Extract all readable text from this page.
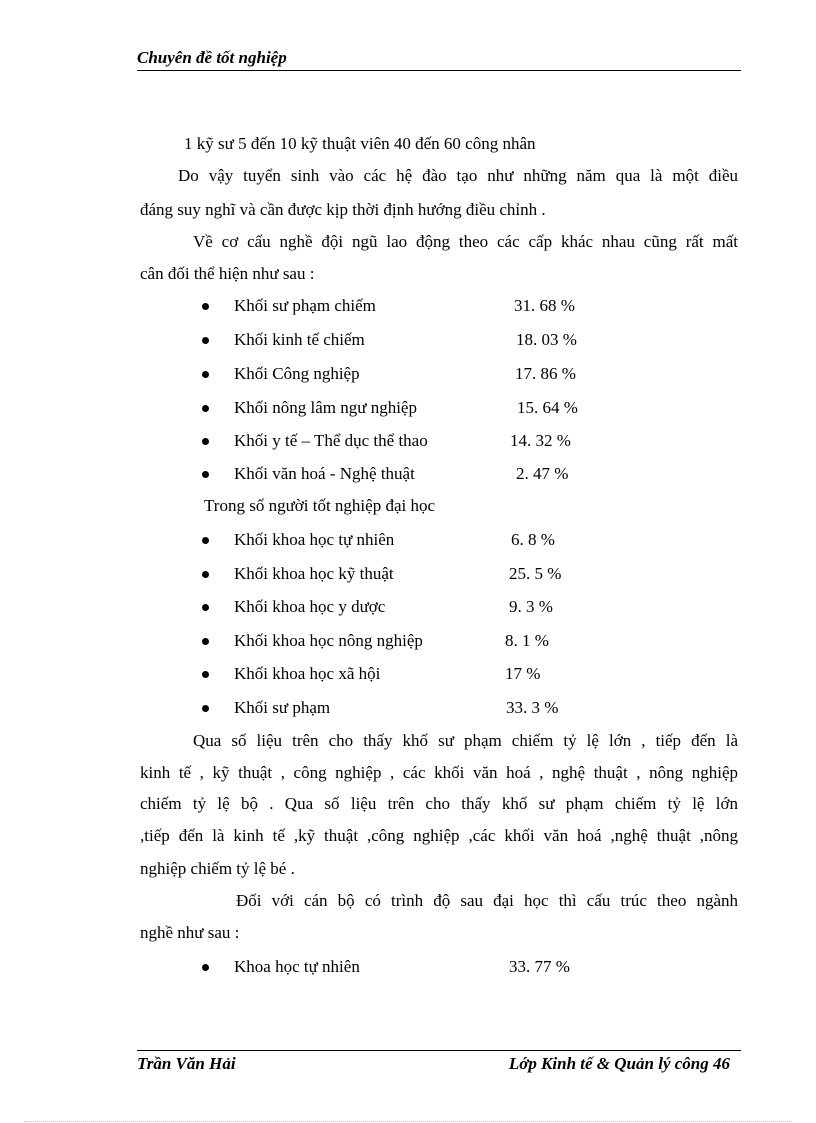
Chuyên đề tốt nghiệp
1 kỹ sư 5 đến 10 kỹ thuật viên 40 đến 60 công nhân
Do vậy tuyển sinh vào các hệ đào tạo như những năm qua là một điều
đáng suy nghĩ và cần được kịp thời định hướng điều chỉnh .
Về cơ cấu nghề đội ngũ lao động theo các cấp khác nhau cũng rất mất
cân đối thể hiện như sau :
Khối sư phạm chiếm	31. 68 %
Khối kinh tế chiếm	18. 03 %
Khối Công nghiệp	17. 86 %
Khối nông lâm ngư nghiệp	15. 64 %
Khối y tế – Thể dục thể thao	14. 32 %
Khối văn hoá - Nghệ thuật	2. 47 %
Trong số người tốt nghiệp đại học
Khối khoa học tự nhiên	6. 8 %
Khối khoa học kỹ thuật	25. 5 %
Khối khoa học y dược	9. 3 %
Khối khoa học nông nghiệp	8. 1 %
Khối khoa học xã hội	17 %
Khối sư phạm	33. 3 %
Qua số liệu trên cho thấy khố sư phạm chiếm tỷ lệ lớn , tiếp đến là
kinh tế , kỹ thuật , công nghiệp , các khối văn hoá , nghệ thuật , nông nghiệp
chiếm tỷ lệ bộ . Qua số liệu trên cho thấy khố sư phạm chiếm tỷ lệ lớn
,tiếp đến là kinh tế ,kỹ thuật ,công nghiệp ,các khối văn hoá ,nghệ thuật ,nông
nghiệp chiếm tỷ lệ bé .
Đối với cán bộ có trình độ sau đại học thì cấu trúc theo ngành
nghề như sau :
Khoa học tự nhiên	33. 77 %
Trần Văn Hải	Lớp Kinh tế & Quản lý công 46
